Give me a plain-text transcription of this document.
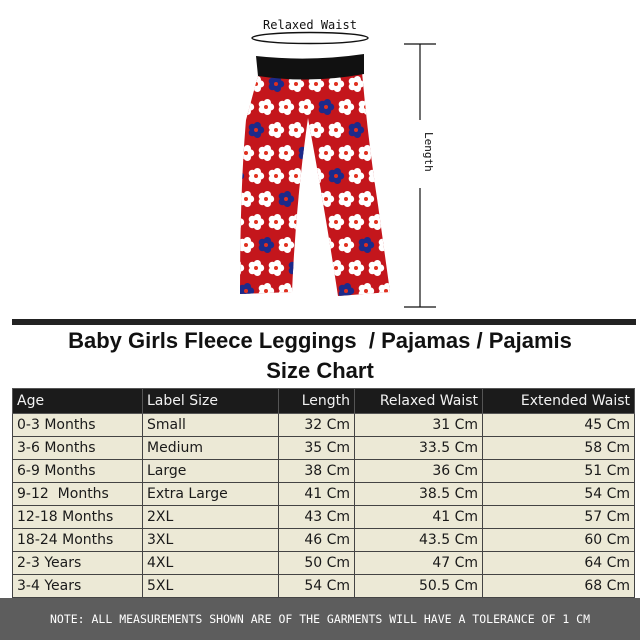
Relaxed Waist
Length
Baby Girls Fleece Leggings  / Pajamas / Pajamis
Size Chart
Age	Label Size	Length	Relaxed Waist	Extended Waist
0-3 Months	Small	32 Cm	31 Cm	45 Cm
3-6 Months	Medium	35 Cm	33.5 Cm	58 Cm
6-9 Months	Large	38 Cm	36 Cm	51 Cm
9-12  Months	Extra Large	41 Cm	38.5 Cm	54 Cm
12-18 Months	2XL	43 Cm	41 Cm	57 Cm
18-24 Months	3XL	46 Cm	43.5 Cm	60 Cm
2-3 Years	4XL	50 Cm	47 Cm	64 Cm
3-4 Years	5XL	54 Cm	50.5 Cm	68 Cm
NOTE: ALL MEASUREMENTS SHOWN ARE OF THE GARMENTS WILL HAVE A TOLERANCE OF 1 CM
